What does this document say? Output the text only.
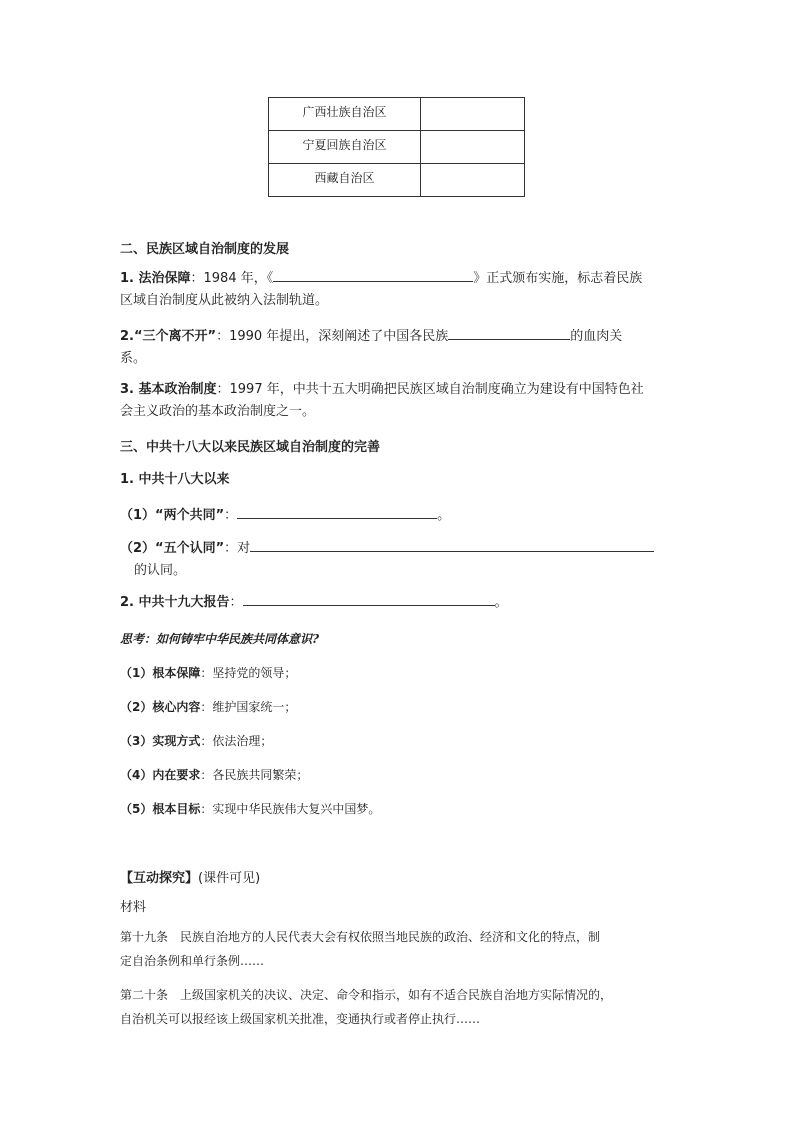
广西壮族自治区	
宁夏回族自治区	
西藏自治区	
二、民族区域自治制度的发展
1. 法治保障：1984 年，《	》正式颁布实施，标志着民族
区域自治制度从此被纳入法制轨道。
2.“三个离不开”：1990 年提出，深刻阐述了中国各民族	的血肉关
系。
3. 基本政治制度：1997 年，中共十五大明确把民族区域自治制度确立为建设有中国特色社
会主义政治的基本政治制度之一。
三、中共十八大以来民族区域自治制度的完善
1. 中共十八大以来
（1）“两个共同”：	。
（2）“五个认同”：对
的认同。
2. 中共十九大报告：	。
思考：如何铸牢中华民族共同体意识?
（1）根本保障：坚持党的领导；
（2）核心内容：维护国家统一；
（3）实现方式：依法治理；
（4）内在要求：各民族共同繁荣；
（5）根本目标：实现中华民族伟大复兴中国梦。
【互动探究】(课件可见)
材料
第十九条　民族自治地方的人民代表大会有权依照当地民族的政治、经济和文化的特点，制
定自治条例和单行条例……
第二十条　上级国家机关的决议、决定、命令和指示，如有不适合民族自治地方实际情况的，
自治机关可以报经该上级国家机关批准，变通执行或者停止执行……
